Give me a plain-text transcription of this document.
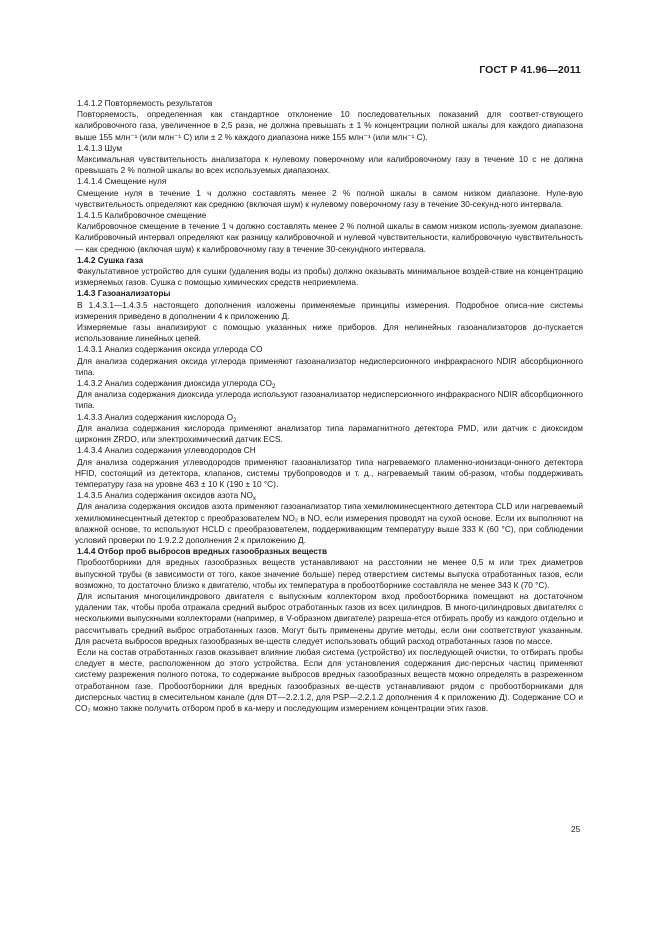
ГОСТ Р 41.96—2011

1.4.1.2 Повторяемость результатов

Повторяемость, определенная как стандартное отклонение 10 последовательных показаний для соответ-ствующего калибровочного газа, увеличенное в 2,5 раза, не должна превышать ± 1 % концентрации полной шкалы для каждого диапазона выше 155 млн⁻¹ (или млн⁻¹ С) или ± 2 % каждого диапазона ниже 155 млн⁻¹ (или млн⁻¹ С).

1.4.1.3 Шум

Максимальная чувствительность анализатора к нулевому поверочному или калибровочному газу в течение 10 с не должна превышать 2 % полной шкалы во всех используемых диапазонах.

1.4.1.4 Смещение нуля

Смещение нуля в течение 1 ч должно составлять менее 2 % полной шкалы в самом низком диапазоне. Нуле-вую чувствительность определяют как среднюю (включая шум) к нулевому поверочному газу в течение 30-секунд-ного интервала.

1.4.1.5 Калибровочное смещение

Калибровочное смещение в течение 1 ч должно составлять менее 2 % полной шкалы в самом низком исполь-зуемом диапазоне. Калибровочный интервал определяют как разницу калибровочной и нулевой чувствительности, калибровочную чувствительность — как среднюю (включая шум) к калибровочному газу в течение 30-секундного интервала.

1.4.2 Сушка газа

Факультативное устройство для сушки (удаления воды из пробы) должно оказывать минимальное воздей-ствие на концентрацию измеряемых газов. Сушка с помощью химических средств неприемлема.

1.4.3 Газоанализаторы

В 1.4.3.1—1.4.3.5 настоящего дополнения изложены применяемые принципы измерения. Подробное описа-ние системы измерения приведено в дополнении 4 к приложению Д.

Измеряемые газы анализируют с помощью указанных ниже приборов. Для нелинейных газоанализаторов до-пускается использование линейных цепей.

1.4.3.1 Анализ содержания оксида углерода CO

Для анализа содержания оксида углерода применяют газоанализатор недисперсионного инфракрасного NDIR абсорбционного типа.

1.4.3.2 Анализ содержания диоксида углерода $CO_2$

Для анализа содержания диоксида углерода используют газоанализатор недисперсионного инфракрасного NDIR абсорбционного типа.

1.4.3.3 Анализ содержания кислорода $O_2$

Для анализа содержания кислорода применяют анализатор типа парамагнитного детектора PMD, или датчик с диоксидом циркония ZRDO, или электрохимический датчик ECS.

1.4.3.4 Анализ содержания углеводородов CH

Для анализа содержания углеводородов применяют газоанализатор типа нагреваемого пламенно-ионизаци-онного детектора HFID, состоящий из детектора, клапанов, системы трубопроводов и т. д., нагреваемый таким об-разом, чтобы поддерживать температуру газа на уровне 463 ± 10 К (190 ± 10 °С).

1.4.3.5 Анализ содержания оксидов азота $NO_x$

Для анализа содержания оксидов азота применяют газоанализатор типа хемилюминесцентного детектора CLD или нагреваемый хемилюминесцентный детектор с преобразователем NO₂ в NO, если измерения проводят на сухой основе. Если их выполняют на влажной основе, то используют HCLD с преобразователем, поддерживающим температуру выше 333 К (60 °С), при соблюдении условий проверки по 1.9.2.2 дополнения 2 к приложению Д.

1.4.4 Отбор проб выбросов вредных газообразных веществ

Пробоотборники для вредных газообразных веществ устанавливают на расстоянии не менее 0,5 м или трех диаметров выпускной трубы (в зависимости от того, какое значение больше) перед отверстием системы выпуска отработанных газов, если возможно, то достаточно близко к двигателю, чтобы их температура в пробоотборнике составляла не менее 343 К (70 °С).

Для испытания многоцилиндрового двигателя с выпускным коллектором вход пробоотборника помещают на достаточном удалении так, чтобы проба отражала средний выброс отработанных газов из всех цилиндров. В много-цилиндровых двигателях с несколькими выпускными коллекторами (например, в V-образном двигателе) разреша-ется отбирать пробу из каждого отдельно и рассчитывать средний выброс отработанных газов. Могут быть применены другие методы, если они соответствуют указанным. Для расчета выбросов вредных газообразных ве-ществ следует использовать общий расход отработанных газов по массе.

Если на состав отработанных газов оказывает влияние любая система (устройство) их последующей очистки, то отбирать пробы следует в месте, расположенном до этого устройства. Если для установления содержания дис-персных частиц применяют систему разрежения полного потока, то содержание выбросов вредных газообразных веществ можно определять в разреженном отработанном газе. Пробоотборники для вредных газообразных ве-ществ устанавливают рядом с пробоотборниками для дисперсных частиц в смесительном канале (для DT—2.2.1.2, для PSP—2.2.1.2 дополнения 4 к приложению Д). Содержание CO и CO₂ можно также получить отбором проб в ка-меру и последующим измерением концентрации этих газов.

25
